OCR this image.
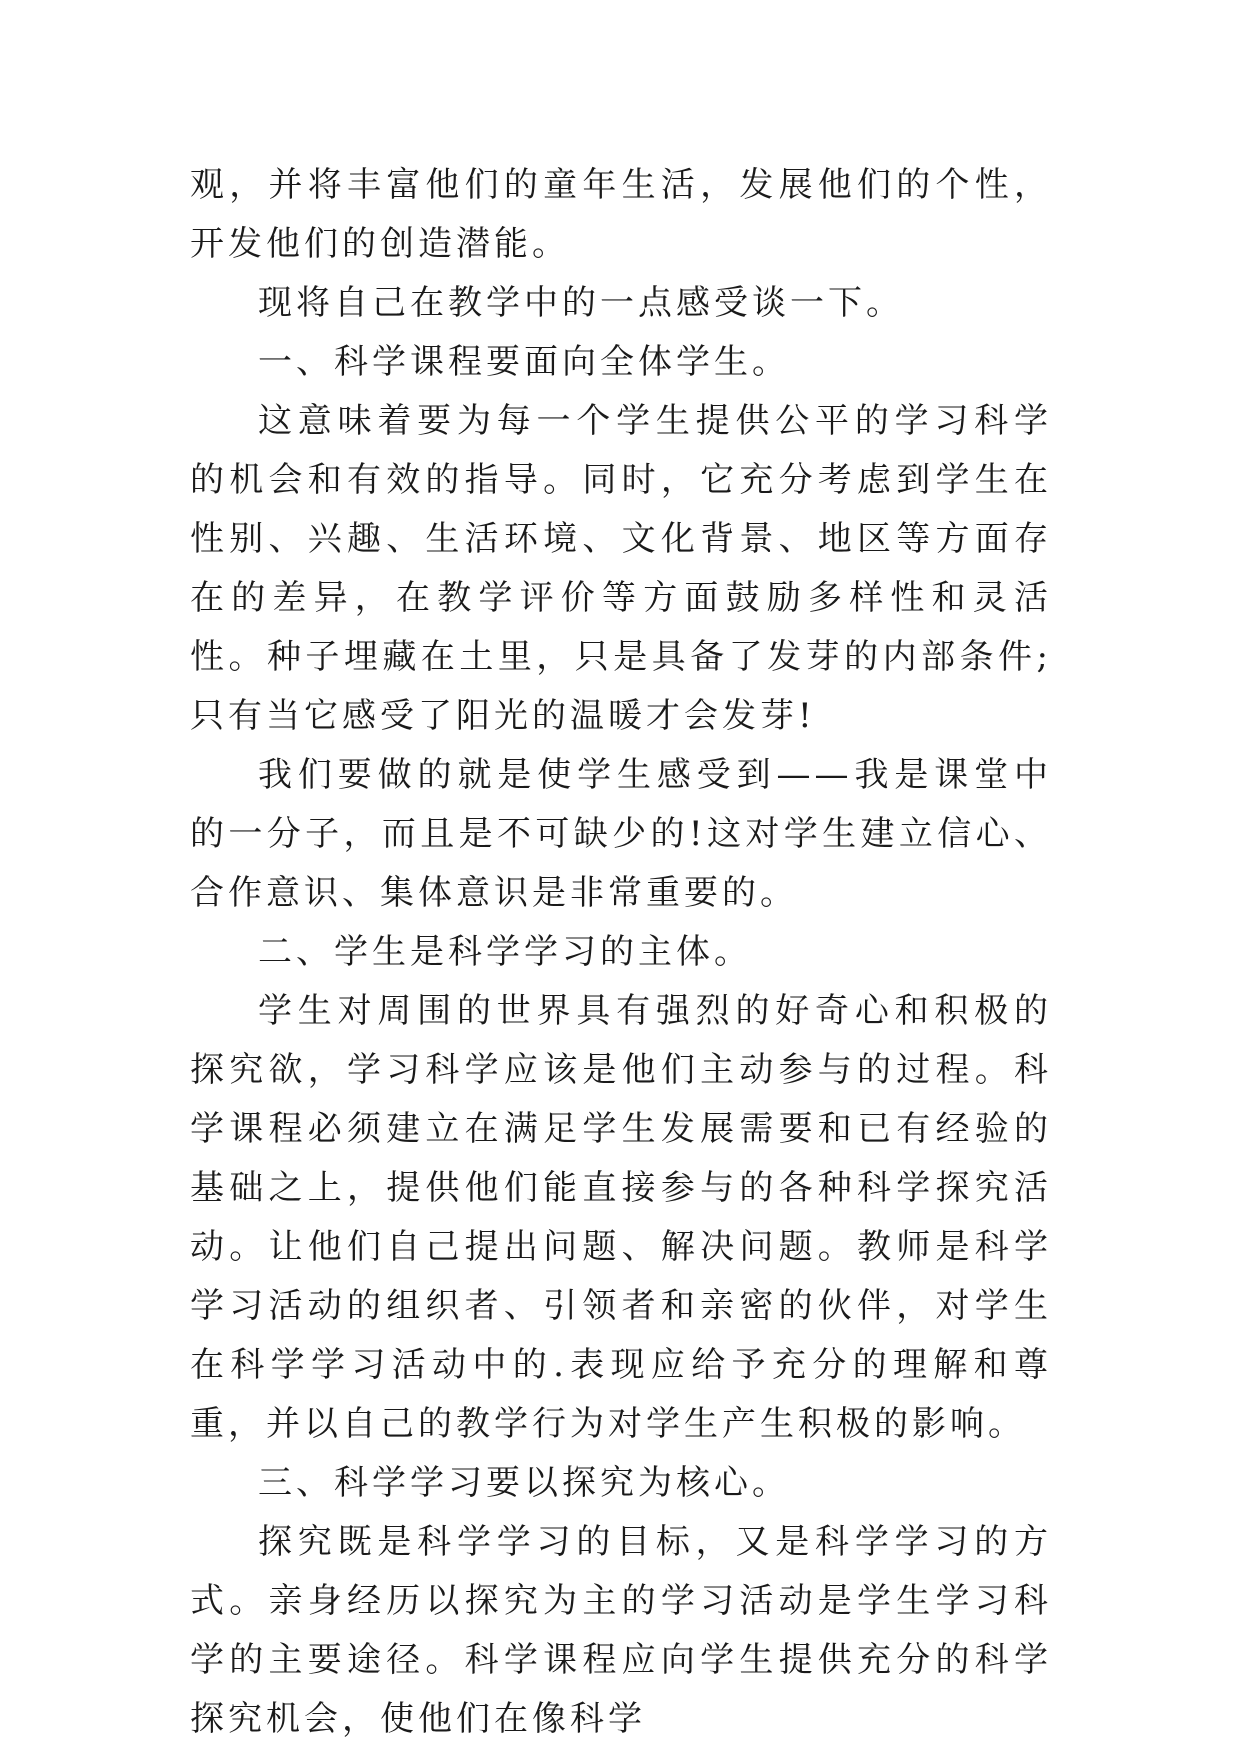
观，并将丰富他们的童年生活，发展他们的个性，开发他们的创造潜能。

现将自己在教学中的一点感受谈一下。

一、科学课程要面向全体学生。

这意味着要为每一个学生提供公平的学习科学的机会和有效的指导。同时，它充分考虑到学生在性别、兴趣、生活环境、文化背景、地区等方面存在的差异，在教学评价等方面鼓励多样性和灵活性。种子埋藏在土里，只是具备了发芽的内部条件;只有当它感受了阳光的温暖才会发芽!

我们要做的就是使学生感受到——我是课堂中的一分子，而且是不可缺少的!这对学生建立信心、合作意识、集体意识是非常重要的。

二、学生是科学学习的主体。

学生对周围的世界具有强烈的好奇心和积极的探究欲，学习科学应该是他们主动参与的过程。科学课程必须建立在满足学生发展需要和已有经验的基础之上，提供他们能直接参与的各种科学探究活动。让他们自己提出问题、解决问题。教师是科学学习活动的组织者、引领者和亲密的伙伴，对学生在科学学习活动中的.表现应给予充分的理解和尊重，并以自己的教学行为对学生产生积极的影响。

三、科学学习要以探究为核心。

探究既是科学学习的目标，又是科学学习的方式。亲身经历以探究为主的学习活动是学生学习科学的主要途径。科学课程应向学生提供充分的科学探究机会，使他们在像科学
